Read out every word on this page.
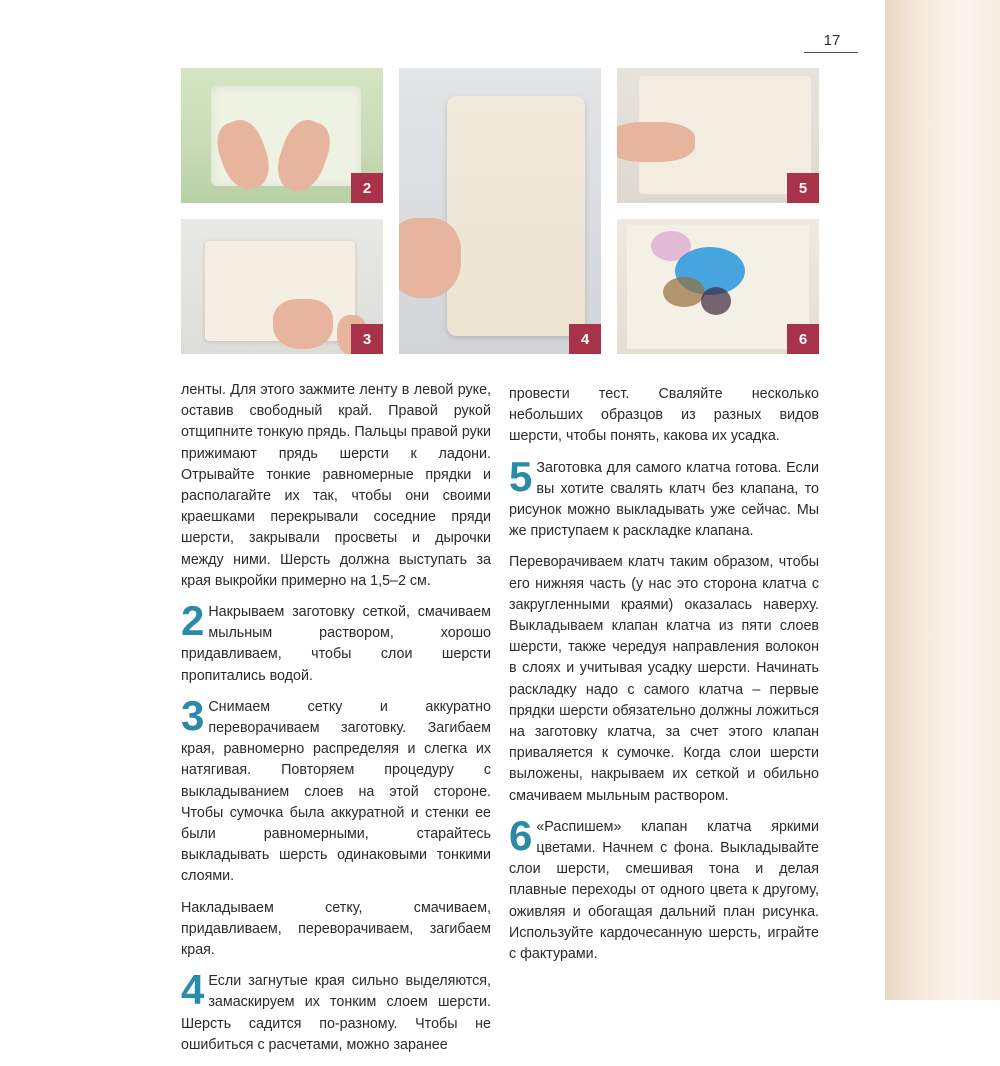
17
2
3	4
5
6

ленты. Для этого зажмите ленту в левой руке, оставив свободный край. Правой рукой отщипните тонкую прядь. Пальцы правой руки прижимают прядь шерсти к ладони. Отрывайте тонкие равномерные прядки и располагайте их так, чтобы они своими краешками перекрывали соседние пряди шерсти, закрывали просветы и дырочки между ними. Шерсть должна выступать за края выкройки примерно на 1,5–2 см.

2 Накрываем заготовку сеткой, смачиваем мыльным раствором, хорошо придавливаем, чтобы слои шерсти пропитались водой.
3 Снимаем сетку и аккуратно переворачиваем заготовку. Загибаем края, равномерно распределяя и слегка их натягивая. Повторяем процедуру с выкладыванием слоев на этой стороне. Чтобы сумочка была аккуратной и стенки ее были равномерными, старайтесь выкладывать шерсть одинаковыми тонкими слоями.

Накладываем сетку, смачиваем, придавливаем, переворачиваем, загибаем края.

4 Если загнутые края сильно выделяются, замаскируем их тонким слоем шерсти. Шерсть садится по-разному. Чтобы не ошибиться с расчетами, можно заранее

провести тест. Сваляйте несколько небольших образцов из разных видов шерсти, чтобы понять, какова их усадка.

5 Заготовка для самого клатча готова. Если вы хотите свалять клатч без клапана, то рисунок можно выкладывать уже сейчас. Мы же приступаем к раскладке клапана.

Переворачиваем клатч таким образом, чтобы его нижняя часть (у нас это сторона клатча с закругленными краями) оказалась наверху. Выкладываем клапан клатча из пяти слоев шерсти, также чередуя направления волокон в слоях и учитывая усадку шерсти. Начинать раскладку надо с самого клатча – первые прядки шерсти обязательно должны ложиться на заготовку клатча, за счет этого клапан приваляется к сумочке. Когда слои шерсти выложены, накрываем их сеткой и обильно смачиваем мыльным раствором.

6 «Распишем» клапан клатча яркими цветами. Начнем с фона. Выкладывайте слои шерсти, смешивая тона и делая плавные переходы от одного цвета к другому, оживляя и обогащая дальний план рисунка. Используйте кардочесанную шерсть, играйте с фактурами.
